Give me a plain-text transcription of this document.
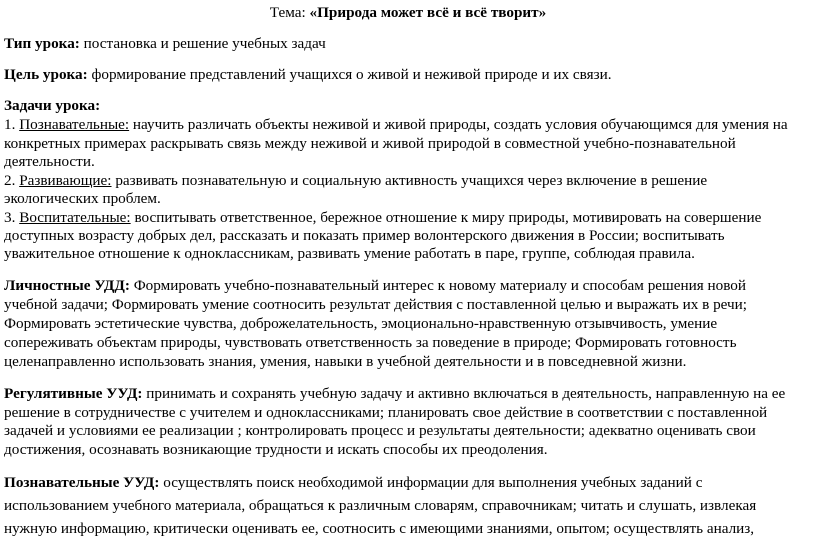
Тема: «Природа может всё и всё творит»
Тип урока: постановка и решение учебных задач
Цель урока: формирование представлений учащихся о живой и неживой природе и их связи.
Задачи урока:
1. Познавательные: научить различать объекты неживой и живой природы, создать условия обучающимся для умения на
конкретных примерах раскрывать связь между неживой и живой природой в совместной учебно-познавательной
деятельности.
2. Развивающие: развивать познавательную и социальную активность учащихся через включение в решение
экологических проблем.
3. Воспитательные: воспитывать ответственное, бережное отношение к миру природы, мотивировать на совершение
доступных возрасту добрых дел, рассказать и показать пример волонтерского движения в России; воспитывать
уважительное отношение к одноклассникам, развивать умение работать в паре, группе, соблюдая правила.
Личностные УДД: Формировать учебно-познавательный интерес к новому материалу и способам решения новой
учебной задачи; Формировать умение соотносить результат действия с поставленной целью и выражать их в речи;
Формировать эстетические чувства, доброжелательность, эмоционально-нравственную отзывчивость, умение
сопереживать объектам природы, чувствовать ответственность за поведение в природе; Формировать готовность
целенаправленно использовать знания, умения, навыки в учебной деятельности и в повседневной жизни.
Регулятивные УУД: принимать и сохранять учебную задачу и активно включаться в деятельность, направленную на ее
решение в сотрудничестве с учителем и одноклассниками; планировать свое действие в соответствии с поставленной
задачей и условиями ее реализации ; контролировать процесс и результаты деятельности; адекватно оценивать свои
достижения, осознавать возникающие трудности и искать способы их преодоления.
Познавательные УУД: осуществлять поиск необходимой информации для выполнения учебных заданий с
использованием учебного материала, обращаться к различным словарям, справочникам; читать и слушать, извлекая
нужную информацию, критически оценивать ее, соотносить с имеющими знаниями, опытом; осуществлять анализ,
